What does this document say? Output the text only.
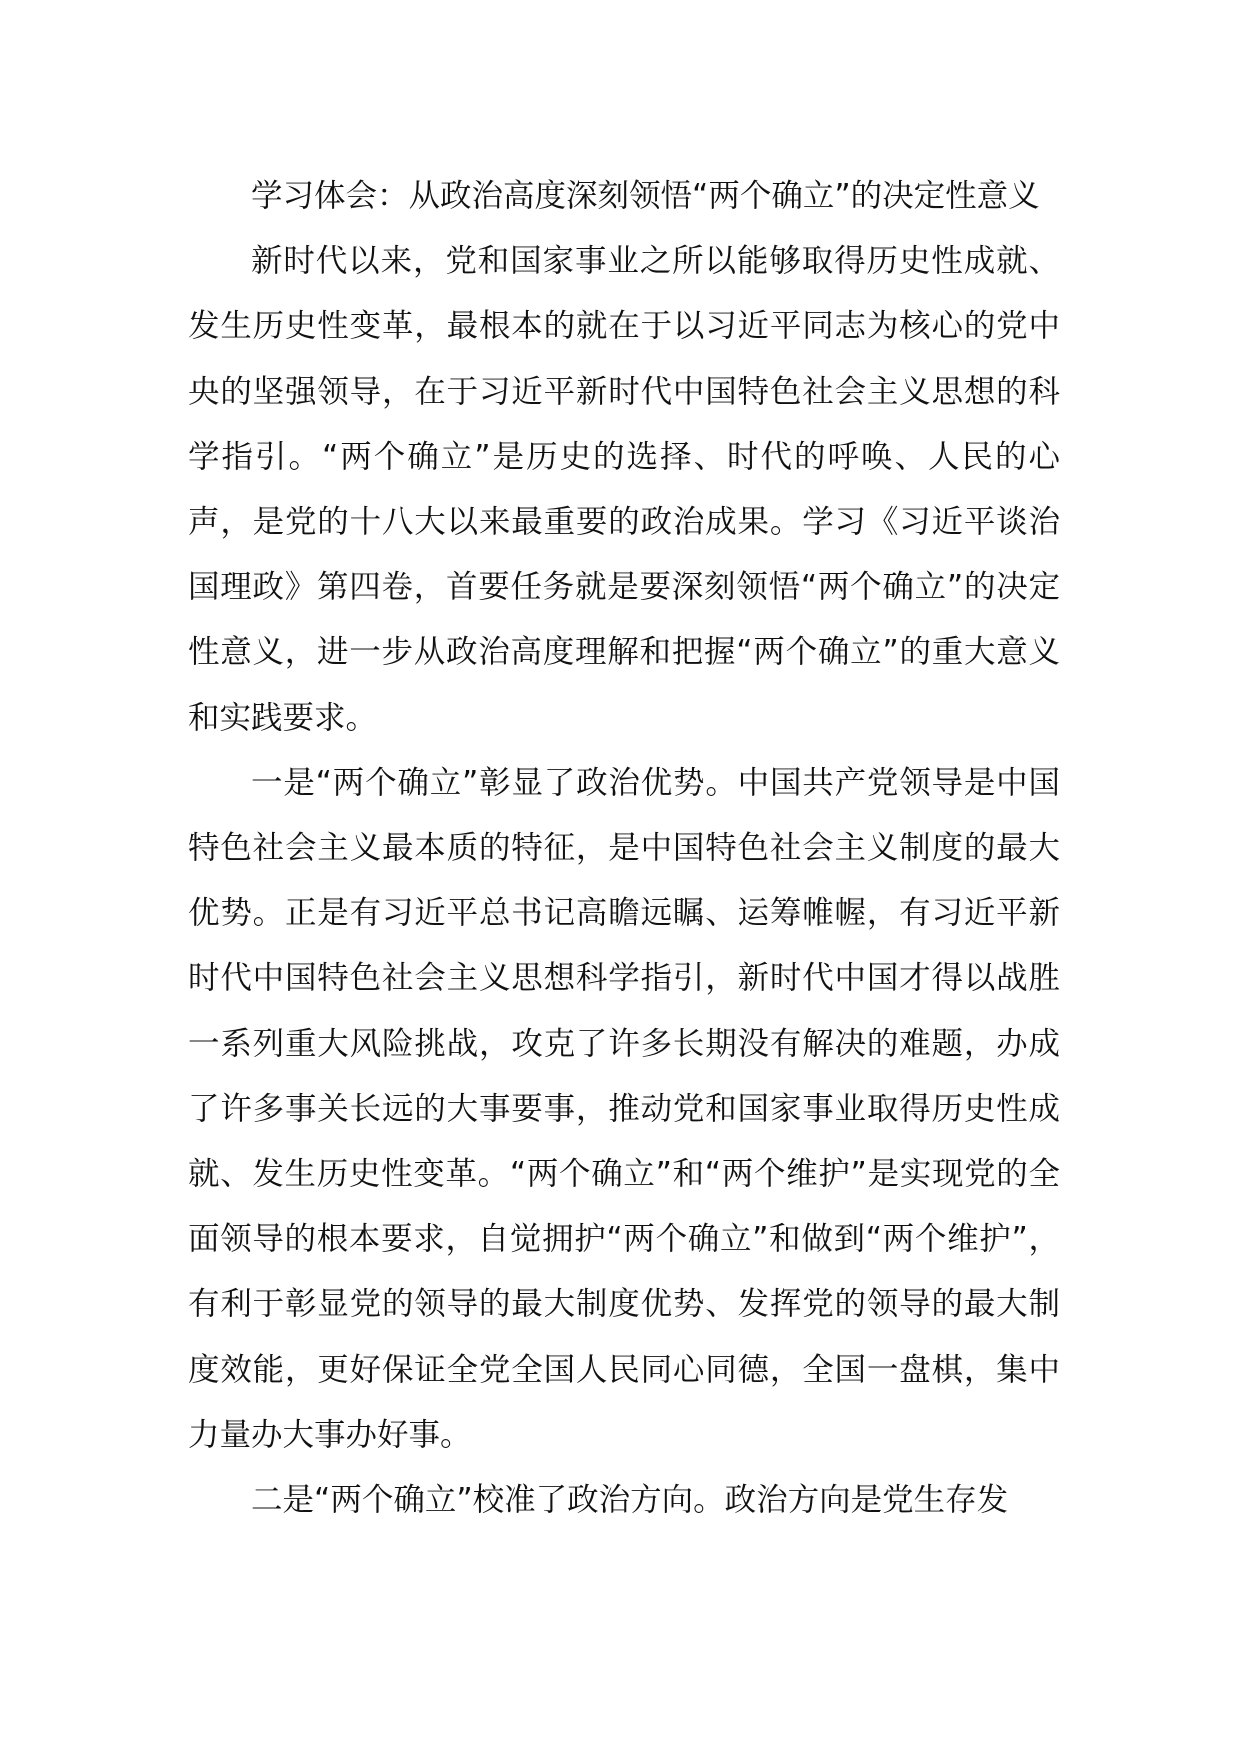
学习体会：从政治高度深刻领悟“两个确立”的决定性意义

新时代以来，党和国家事业之所以能够取得历史性成就、发生历史性变革，最根本的就在于以习近平同志为核心的党中央的坚强领导，在于习近平新时代中国特色社会主义思想的科学指引。“两个确立”是历史的选择、时代的呼唤、人民的心声，是党的十八大以来最重要的政治成果。学习《习近平谈治国理政》第四卷，首要任务就是要深刻领悟“两个确立”的决定性意义，进一步从政治高度理解和把握“两个确立”的重大意义和实践要求。

一是“两个确立”彰显了政治优势。中国共产党领导是中国特色社会主义最本质的特征，是中国特色社会主义制度的最大优势。正是有习近平总书记高瞻远瞩、运筹帷幄，有习近平新时代中国特色社会主义思想科学指引，新时代中国才得以战胜一系列重大风险挑战，攻克了许多长期没有解决的难题，办成了许多事关长远的大事要事，推动党和国家事业取得历史性成就、发生历史性变革。“两个确立”和“两个维护”是实现党的全面领导的根本要求，自觉拥护“两个确立”和做到“两个维护”，有利于彰显党的领导的最大制度优势、发挥党的领导的最大制度效能，更好保证全党全国人民同心同德，全国一盘棋，集中力量办大事办好事。

二是“两个确立”校准了政治方向。政治方向是党生存发
